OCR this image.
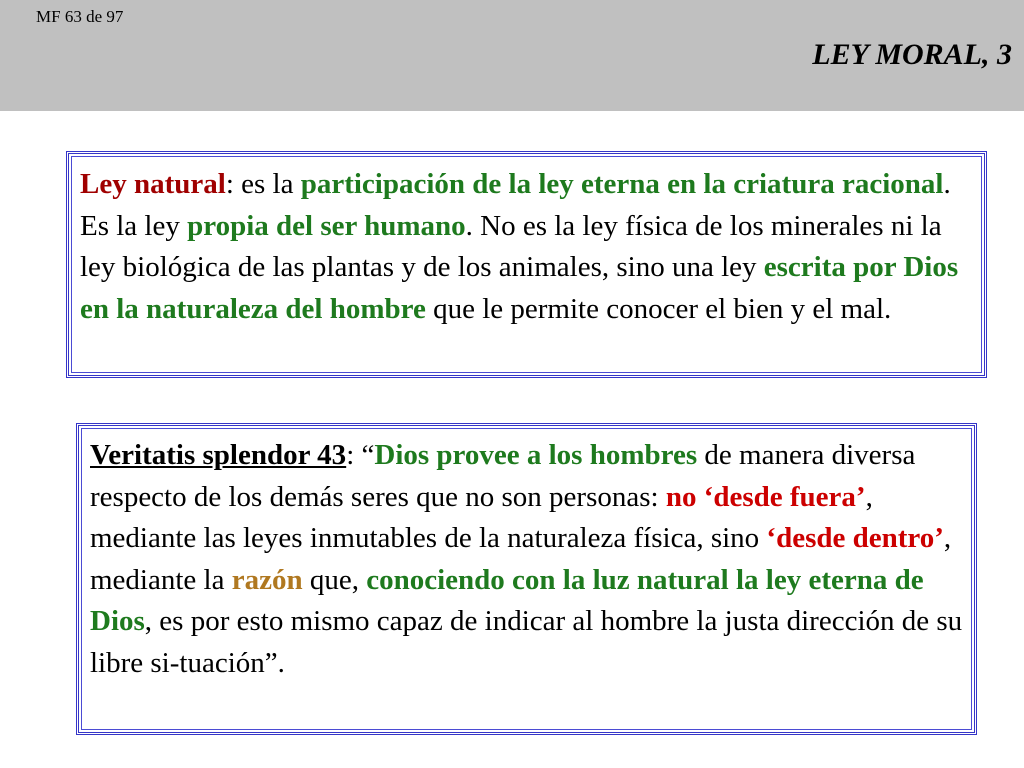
MF 63 de 97
LEY MORAL, 3
Ley natural: es la participación de la ley eterna en la criatura racional. Es la ley propia del ser humano. No es la ley física de los minerales ni la ley biológica de las plantas y de los animales, sino una ley escrita por Dios en la naturaleza del hombre que le permite conocer el bien y el mal.
Veritatis splendor 43: “Dios provee a los hombres de manera diversa respecto de los demás seres que no son personas: no ‘desde fuera’, mediante las leyes inmutables de la naturaleza física, sino ‘desde dentro’, mediante la razón que, conociendo con la luz natural la ley eterna de Dios, es por esto mismo capaz de indicar al hombre la justa dirección de su libre si-tuación”.
